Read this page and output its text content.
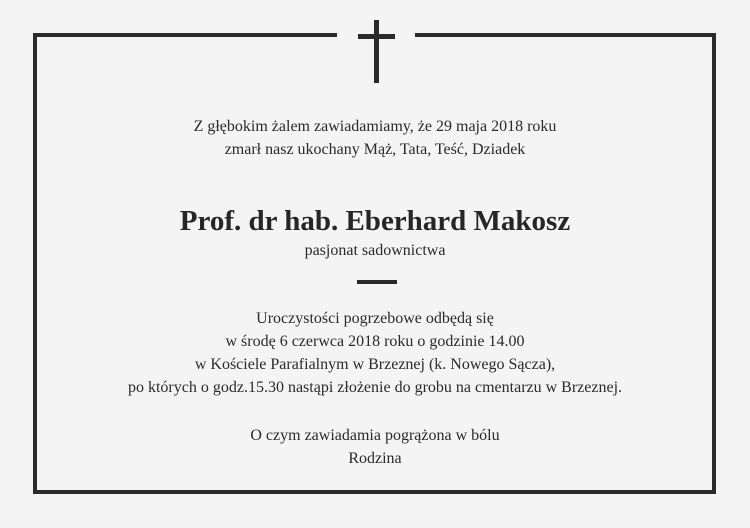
Z głębokim żalem zawiadamiamy, że 29 maja 2018 roku
zmarł nasz ukochany Mąż, Tata, Teść, Dziadek
Prof. dr hab. Eberhard Makosz
pasjonat sadownictwa
Uroczystości pogrzebowe odbędą się
w środę 6 czerwca 2018 roku o godzinie 14.00
w Kościele Parafialnym w Brzeznej (k. Nowego Sącza),
po których o godz.15.30 nastąpi złożenie do grobu na cmentarzu w Brzeznej.
O czym zawiadamia pogrążona w bólu
Rodzina
